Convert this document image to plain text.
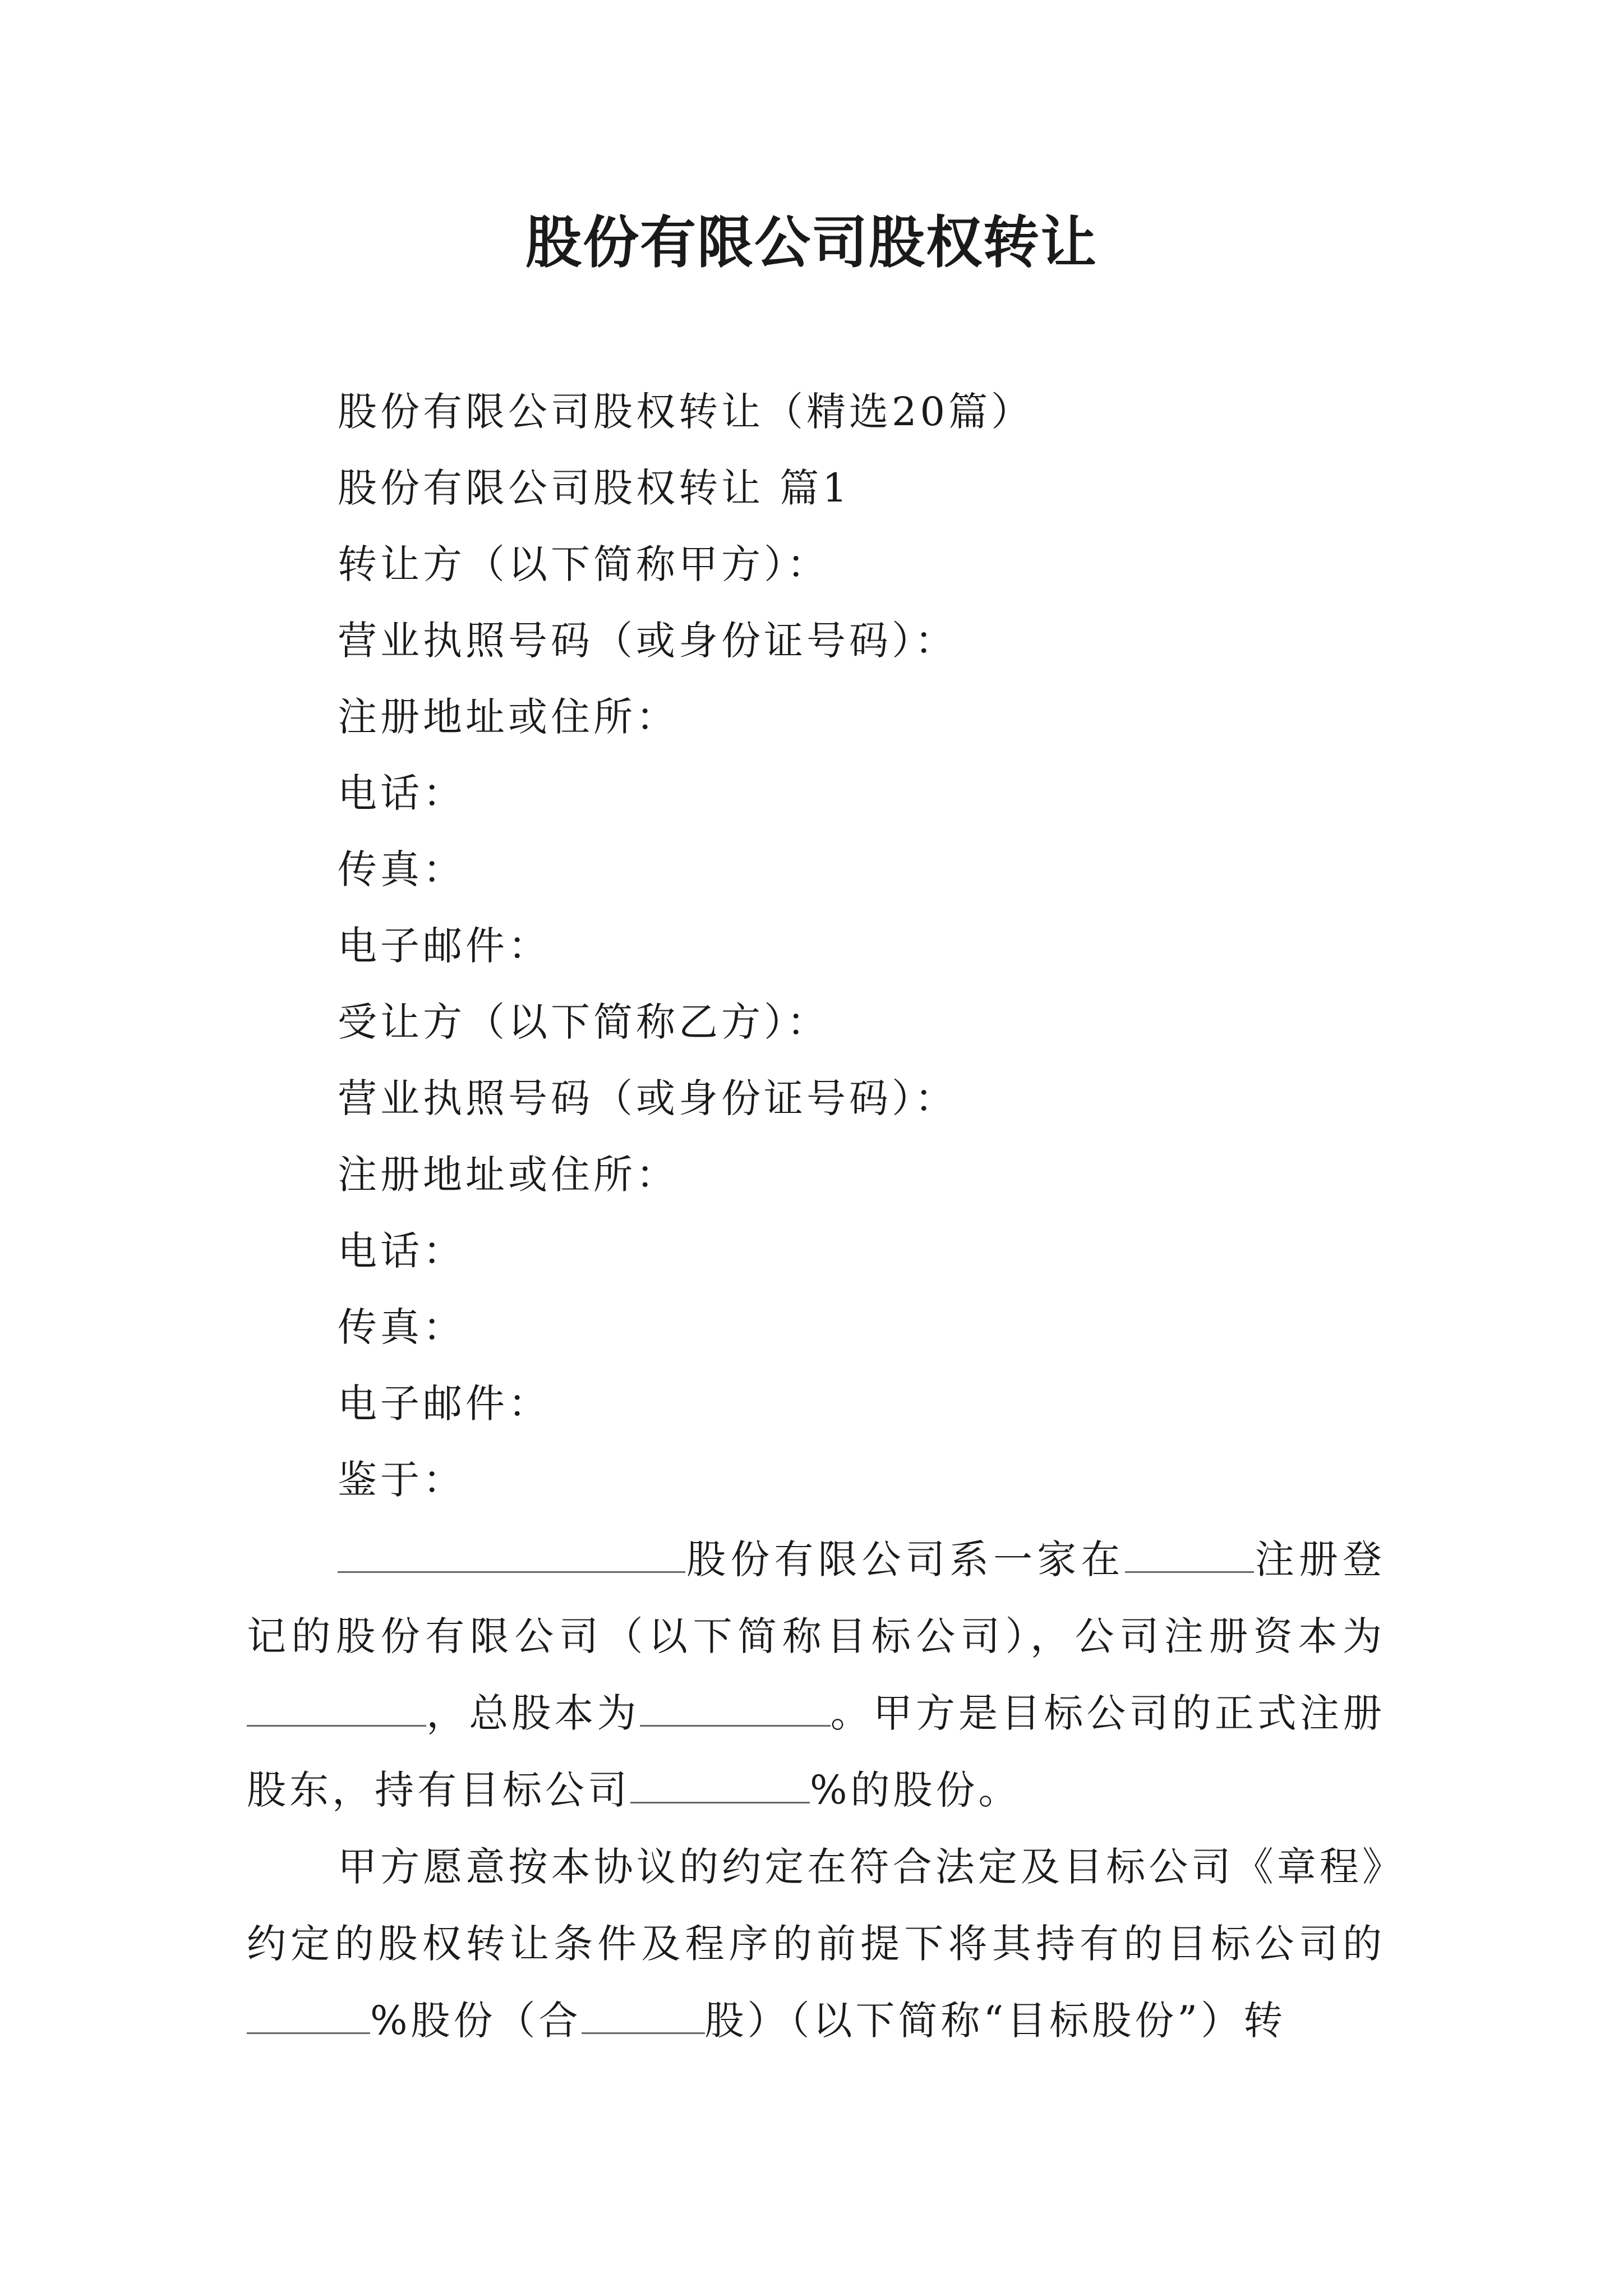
股份有限公司股权转让
股份有限公司股权转让（精选20篇）
股份有限公司股权转让 篇1
转让方（以下简称甲方）：
营业执照号码（或身份证号码）：
注册地址或住所：
电话：
传真：
电子邮件：
受让方（以下简称乙方）：
营业执照号码（或身份证号码）：
注册地址或住所：
电话：
传真：
电子邮件：
鉴于：
股份有限公司系一家在	注册登记的股份有限公司（以下简称目标公司），公司注册资本为，总股本为	。甲方是目标公司的正式注册股东，持有目标公司	%的股份。
甲方愿意按本协议的约定在符合法定及目标公司《章程》约定的股权转让条件及程序的前提下将其持有的目标公司的%股份（合	股）（以下简称“目标股份”）转
